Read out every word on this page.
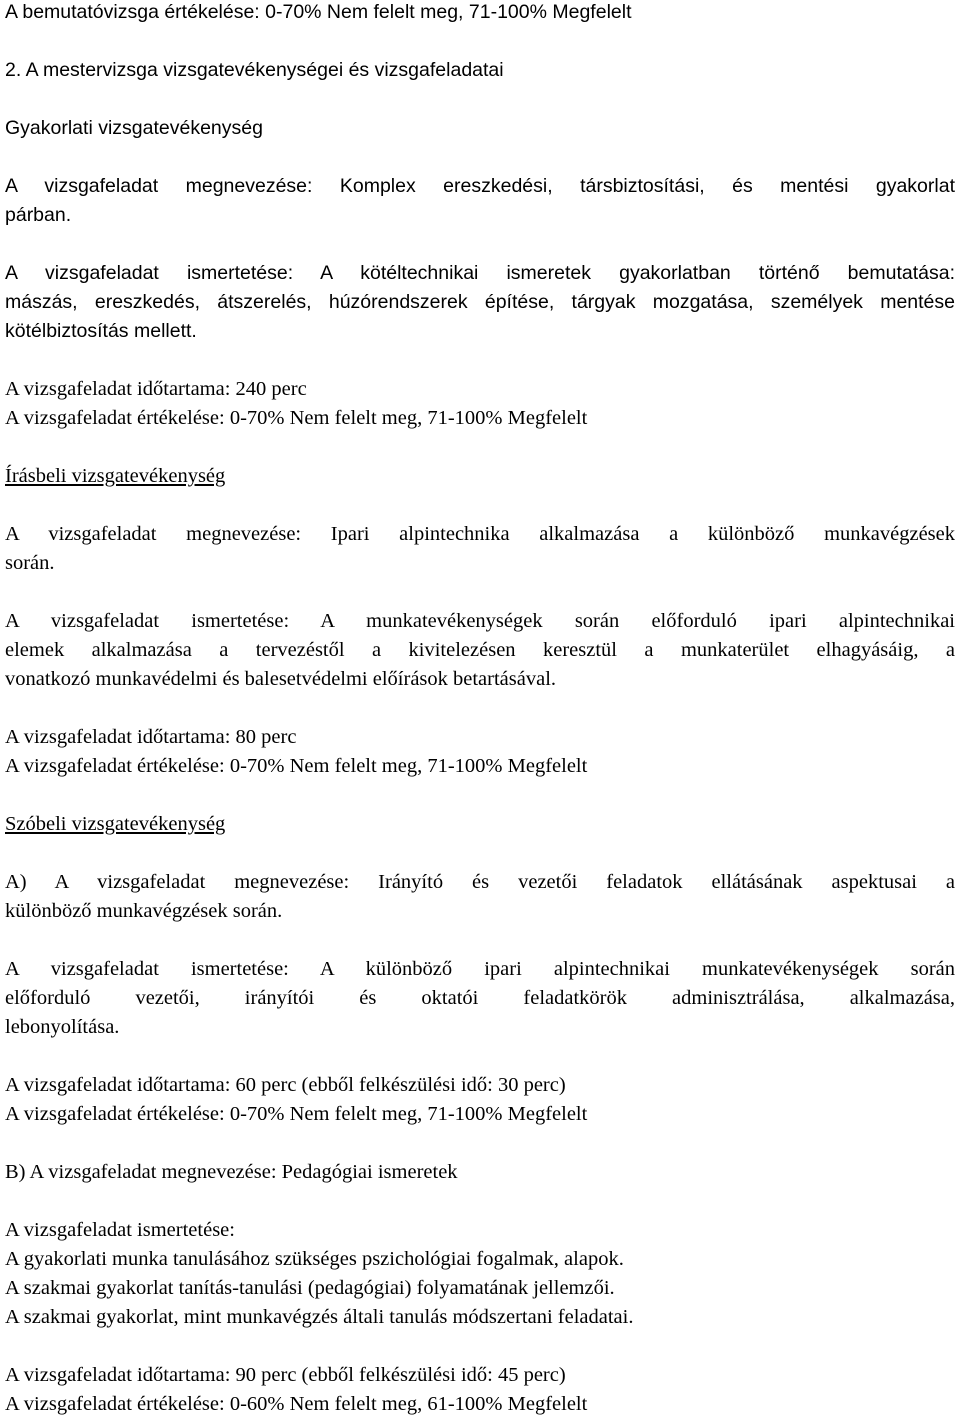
A bemutatóvizsga értékelése: 0-70% Nem felelt meg, 71-100% Megfelelt
2. A mestervizsga vizsgatevékenységei és vizsgafeladatai
Gyakorlati vizsgatevékenység
A vizsgafeladat megnevezése: Komplex ereszkedési, társbiztosítási, és mentési gyakorlat
párban.
A vizsgafeladat ismertetése: A kötéltechnikai ismeretek gyakorlatban történő bemutatása:
mászás, ereszkedés, átszerelés, húzórendszerek építése, tárgyak mozgatása, személyek mentése
kötélbiztosítás mellett.
A vizsgafeladat időtartama: 240 perc
A vizsgafeladat értékelése: 0-70% Nem felelt meg, 71-100% Megfelelt
Írásbeli vizsgatevékenység
A vizsgafeladat megnevezése: Ipari alpintechnika alkalmazása a különböző munkavégzések
során.
A vizsgafeladat ismertetése: A munkatevékenységek során előforduló ipari alpintechnikai
elemek alkalmazása a tervezéstől a kivitelezésen keresztül a munkaterület elhagyásáig, a
vonatkozó munkavédelmi és balesetvédelmi előírások betartásával.
A vizsgafeladat időtartama: 80 perc
A vizsgafeladat értékelése: 0-70% Nem felelt meg, 71-100% Megfelelt
Szóbeli vizsgatevékenység
A) A vizsgafeladat megnevezése: Irányító és vezetői feladatok ellátásának aspektusai a
különböző munkavégzések során.
A vizsgafeladat ismertetése: A különböző ipari alpintechnikai munkatevékenységek során
előforduló vezetői, irányítói és oktatói feladatkörök adminisztrálása, alkalmazása,
lebonyolítása.
A vizsgafeladat időtartama: 60 perc (ebből felkészülési idő: 30 perc)
A vizsgafeladat értékelése: 0-70% Nem felelt meg, 71-100% Megfelelt
B) A vizsgafeladat megnevezése: Pedagógiai ismeretek
A vizsgafeladat ismertetése:
A gyakorlati munka tanulásához szükséges pszichológiai fogalmak, alapok.
A szakmai gyakorlat tanítás-tanulási (pedagógiai) folyamatának jellemzői.
A szakmai gyakorlat, mint munkavégzés általi tanulás módszertani feladatai.
A vizsgafeladat időtartama: 90 perc (ebből felkészülési idő: 45 perc)
A vizsgafeladat értékelése: 0-60% Nem felelt meg, 61-100% Megfelelt
